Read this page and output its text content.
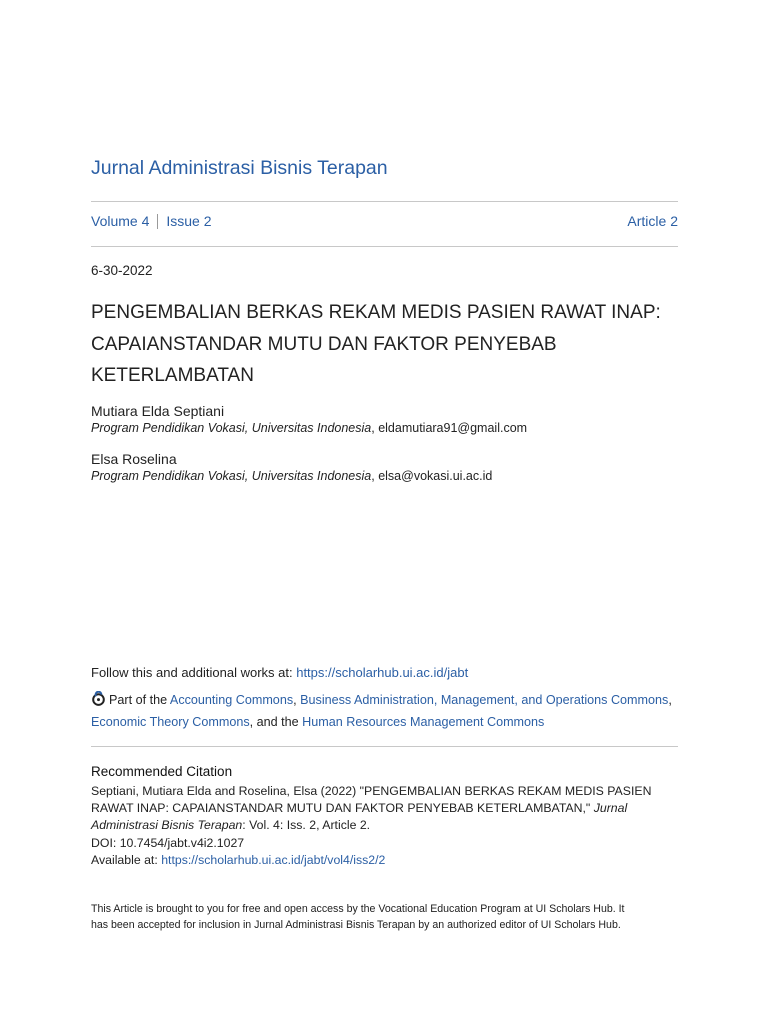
Jurnal Administrasi Bisnis Terapan
Volume 4 Issue 2	Article 2
6-30-2022
PENGEMBALIAN BERKAS REKAM MEDIS PASIEN RAWAT INAP:
CAPAIANSTANDAR MUTU DAN FAKTOR PENYEBAB
KETERLAMBATAN
Mutiara Elda Septiani
Program Pendidikan Vokasi, Universitas Indonesia, eldamutiara91@gmail.com
Elsa Roselina
Program Pendidikan Vokasi, Universitas Indonesia, elsa@vokasi.ui.ac.id
Follow this and additional works at: https://scholarhub.ui.ac.id/jabt
Part of the Accounting Commons, Business Administration, Management, and Operations Commons,
Economic Theory Commons, and the Human Resources Management Commons
Recommended Citation
Septiani, Mutiara Elda and Roselina, Elsa (2022) "PENGEMBALIAN BERKAS REKAM MEDIS PASIEN
RAWAT INAP: CAPAIANSTANDAR MUTU DAN FAKTOR PENYEBAB KETERLAMBATAN," Jurnal
Administrasi Bisnis Terapan: Vol. 4: Iss. 2, Article 2.
DOI: 10.7454/jabt.v4i2.1027
Available at: https://scholarhub.ui.ac.id/jabt/vol4/iss2/2
This Article is brought to you for free and open access by the Vocational Education Program at UI Scholars Hub. It
has been accepted for inclusion in Jurnal Administrasi Bisnis Terapan by an authorized editor of UI Scholars Hub.
